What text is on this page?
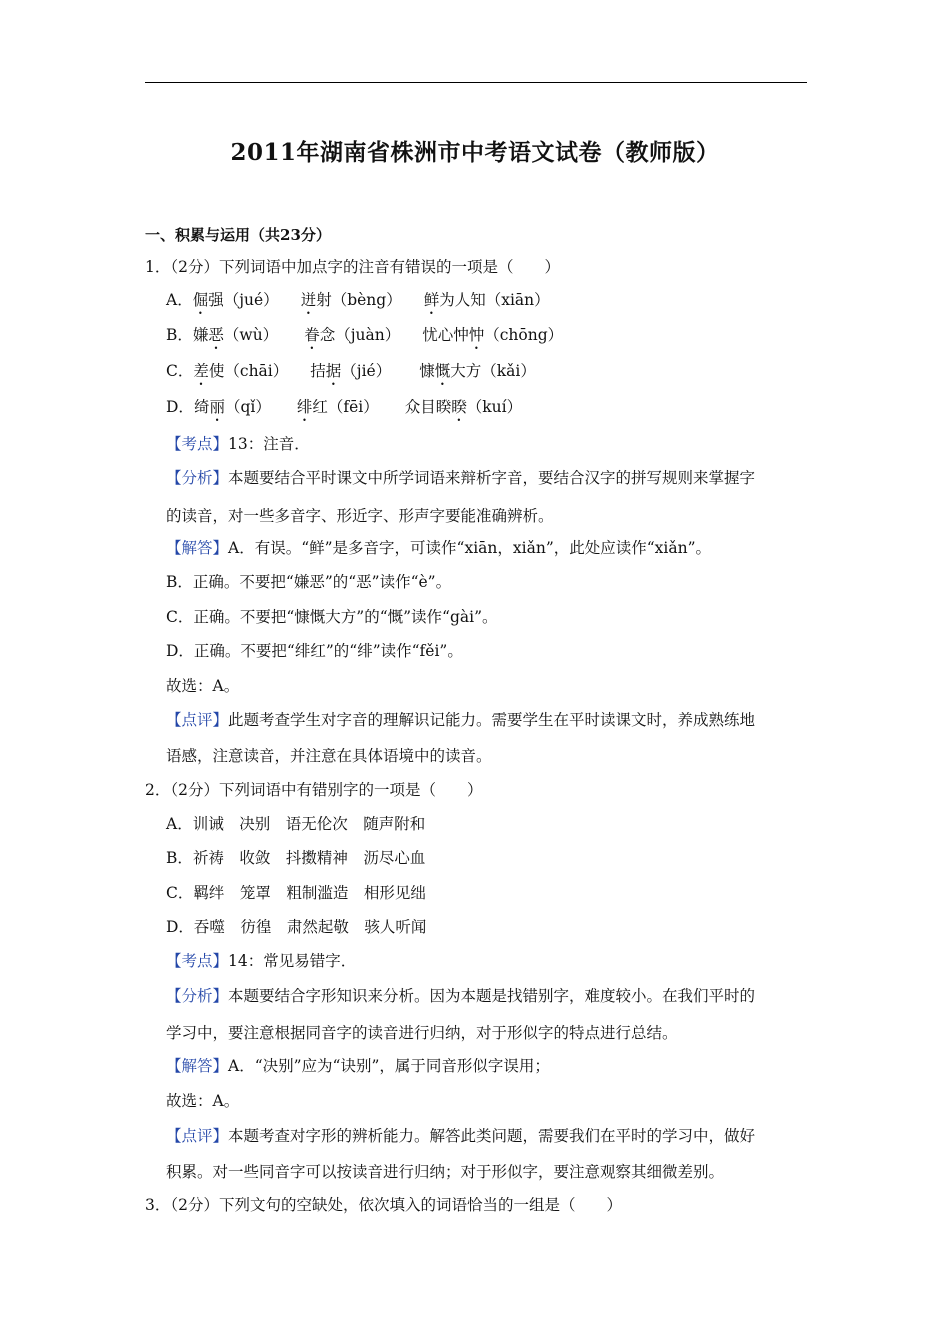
2011年湖南省株洲市中考语文试卷（教师版）
一、积累与运用（共23分）
1．（2分）下列词语中加点字的注音有错误的一项是（　　）
A．倔强（jué） 迸射（bèng） 鲜为人知（xiān）
B．嫌恶（wù） 眷念（juàn） 忧心忡忡（chōng）
C．差使（chāi） 拮据（jié） 慷慨大方（kǎi）
D．绮丽（qǐ） 绯红（fēi） 众目睽睽（kuí）
【考点】13：注音．
【分析】本题要结合平时课文中所学词语来辩析字音，要结合汉字的拼写规则来掌握字
的读音，对一些多音字、形近字、形声字要能准确辨析。
【解答】A．有误。“鲜”是多音字，可读作“xiān，xiǎn”，此处应读作“xiǎn”。
B．正确。不要把“嫌恶”的“恶”读作“è”。
C．正确。不要把“慷慨大方”的“慨”读作“gài”。
D．正确。不要把“绯红”的“绯”读作“fěi”。
故选：A。
【点评】此题考查学生对字音的理解识记能力。需要学生在平时读课文时，养成熟练地
语感，注意读音，并注意在具体语境中的读音。
2．（2分）下列词语中有错别字的一项是（　　）
A．训诫　决别　语无伦次　随声附和
B．祈祷　收敛　抖擞精神　沥尽心血
C．羁绊　笼罩　粗制滥造　相形见绌
D．吞噬　彷徨　肃然起敬　骇人听闻
【考点】14：常见易错字．
【分析】本题要结合字形知识来分析。因为本题是找错别字，难度较小。在我们平时的
学习中，要注意根据同音字的读音进行归纳，对于形似字的特点进行总结。
【解答】A．“决别”应为“诀别”，属于同音形似字误用；
故选：A。
【点评】本题考查对字形的辨析能力。解答此类问题，需要我们在平时的学习中，做好
积累。对一些同音字可以按读音进行归纳；对于形似字，要注意观察其细微差别。
3．（2分）下列文句的空缺处，依次填入的词语恰当的一组是（　　）
